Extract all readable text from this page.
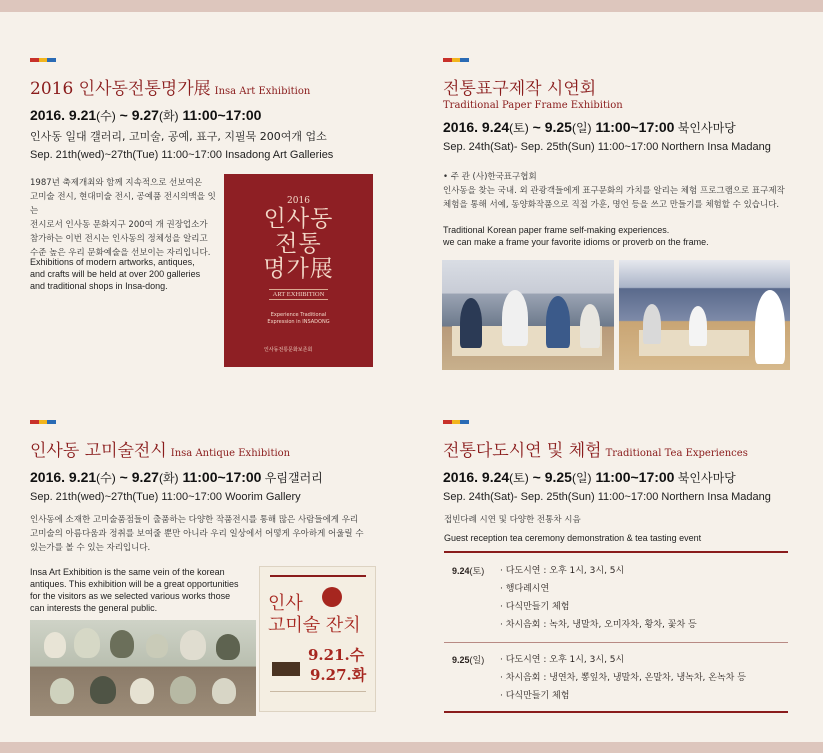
2016 인사동전통명가展 Insa Art Exhibition
2016. 9.21(수) ~ 9.27(화) 11:00~17:00
인사동 일대 갤러리, 고미술, 공예, 표구, 지필묵 200여개 업소
Sep. 21th(wed)~27th(Tue) 11:00~17:00 Insadong Art Galleries
1987년 축제개최와 함께 지속적으로 선보여온
고미술 전시, 현대미술 전시, 공예품 전시의맥을 잇는
전시로서 인사동 문화지구 200여 개 권장업소가
참가하는 이번 전시는 인사동의 정체성을 알리고
수준 높은 우리 문화예술을 선보이는 자리입니다.
Exhibitions of modern artworks, antiques,
and crafts will be held at over 200 galleries
and traditional shops in Insa-dong.
2016
인사동
전통
명가展
ART EXHIBITION
Experience Traditional
Expression in INSADONG
인사동전통문화보존회
전통표구제작 시연회
Traditional Paper Frame Exhibition
2016. 9.24(토) ~ 9.25(일) 11:00~17:00 북인사마당
Sep. 24th(Sat)- Sep. 25th(Sun) 11:00~17:00 Northern Insa Madang
• 주 관 (사)한국표구협회
인사동을 찾는 국내. 외 관광객들에게 표구문화의 가치를 알리는 체험 프로그램으로 표구제작
체험을 통해 서예, 동양화작품으로 직접 가훈, 명언 등을 쓰고 만들기를 체험할 수 있습니다.
Traditional Korean paper frame self-making experiences.
we can make a frame your favorite idioms or proverb on the frame.
인사동 고미술전시 Insa Antique Exhibition
2016. 9.21(수) ~ 9.27(화) 11:00~17:00 우림갤러리
Sep. 21th(wed)~27th(Tue) 11:00~17:00 Woorim Gallery
인사동에 소재한 고미술품점들이 출품하는 다양한 작품전시를 통해 많은 사람들에게 우리
고미술의 아름다움과 정취를 보여줄 뿐만 아니라 우리 일상에서 어떻게 우아하게 어울릴 수
있는가를 볼 수 있는 자리입니다.
Insa Art Exhibition is the same vein of the korean
antiques. This exhibition will be a great opportunities
for the visitors as we selected various works those
can interests the general public.	인사
고미술 잔치
9.21.수
9.27.화
전통다도시연 및 체험 Traditional Tea Experiences
2016. 9.24(토) ~ 9.25(일) 11:00~17:00 북인사마당
Sep. 24th(Sat)- Sep. 25th(Sun) 11:00~17:00 Northern Insa Madang
접빈다례 시연 및 다양한 전통차 시음
Guest reception tea ceremony demonstration & tea tasting event
9.24(토)	· 다도시연 : 오후 1시, 3시, 5시
· 행다례시연
· 다식만들기 체험
· 차시음회 : 녹차, 냉말차, 오미자차, 황차, 꽃차 등
9.25(일)	· 다도시연 : 오후 1시, 3시, 5시
· 차시음회 : 냉연차, 뽕잎차, 냉말차, 온말차, 냉녹차, 온녹차 등
· 다식만들기 체험
